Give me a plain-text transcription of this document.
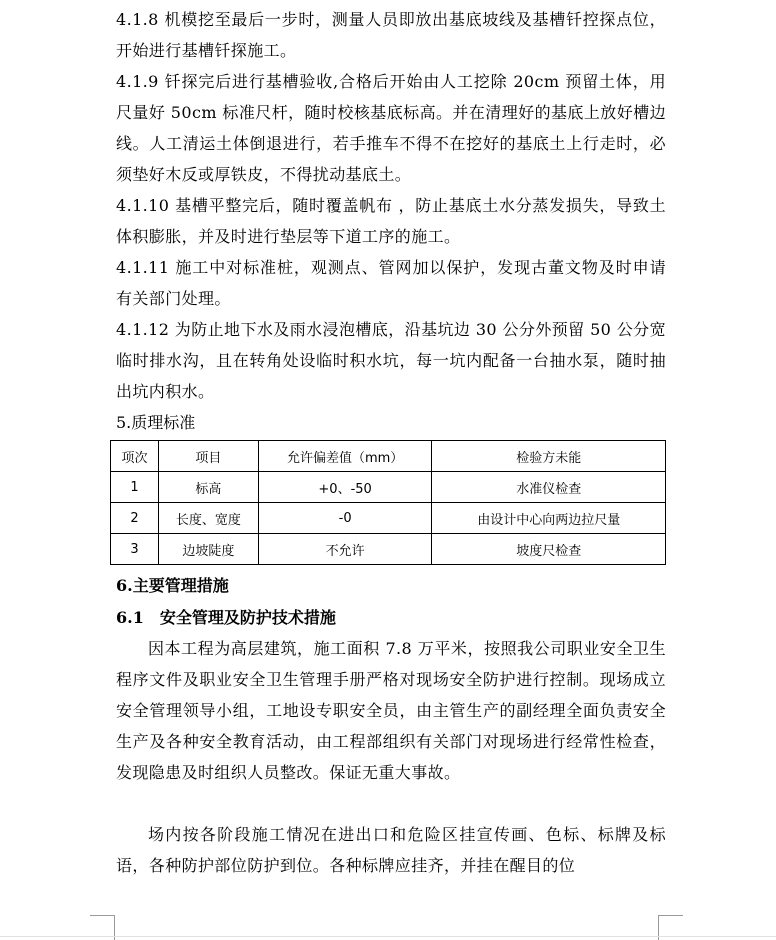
4.1.8 机模挖至最后一步时，测量人员即放出基底坡线及基槽钎控探点位，开始进行基槽钎探施工。
4.1.9 钎探完后进行基槽验收,合格后开始由人工挖除 20cm 预留土体，用尺量好 50cm 标准尺杆，随时校核基底标高。并在清理好的基底上放好槽边线。人工清运土体倒退进行，若手推车不得不在挖好的基底土上行走时，必须垫好木反或厚铁皮，不得扰动基底土。
4.1.10 基槽平整完后，随时覆盖帆布 ，防止基底土水分蒸发损失，导致土体积膨胀，并及时进行垫层等下道工序的施工。
4.1.11 施工中对标准桩，观测点、管网加以保护，发现古董文物及时申请有关部门处理。
4.1.12 为防止地下水及雨水浸泡槽底，沿基坑边 30 公分外预留 50 公分宽临时排水沟，且在转角处设临时积水坑，每一坑内配备一台抽水泵，随时抽出坑内积水。
5.质理标准
项次	项目	允许偏差值（mm）	检验方未能
1	标高	+0、-50	水准仪检查
2	长度、宽度	-0	由设计中心向两边拉尺量
3	边坡陡度	不允许	坡度尺检查
6.主要管理措施
6.1　安全管理及防护技术措施
因本工程为高层建筑，施工面积 7.8 万平米，按照我公司职业安全卫生程序文件及职业安全卫生管理手册严格对现场安全防护进行控制。现场成立安全管理领导小组，工地设专职安全员，由主管生产的副经理全面负责安全生产及各种安全教育活动，由工程部组织有关部门对现场进行经常性检查，发现隐患及时组织人员整改。保证无重大事故。
场内按各阶段施工情况在进出口和危险区挂宣传画、色标、标牌及标语，各种防护部位防护到位。各种标牌应挂齐，并挂在醒目的位
